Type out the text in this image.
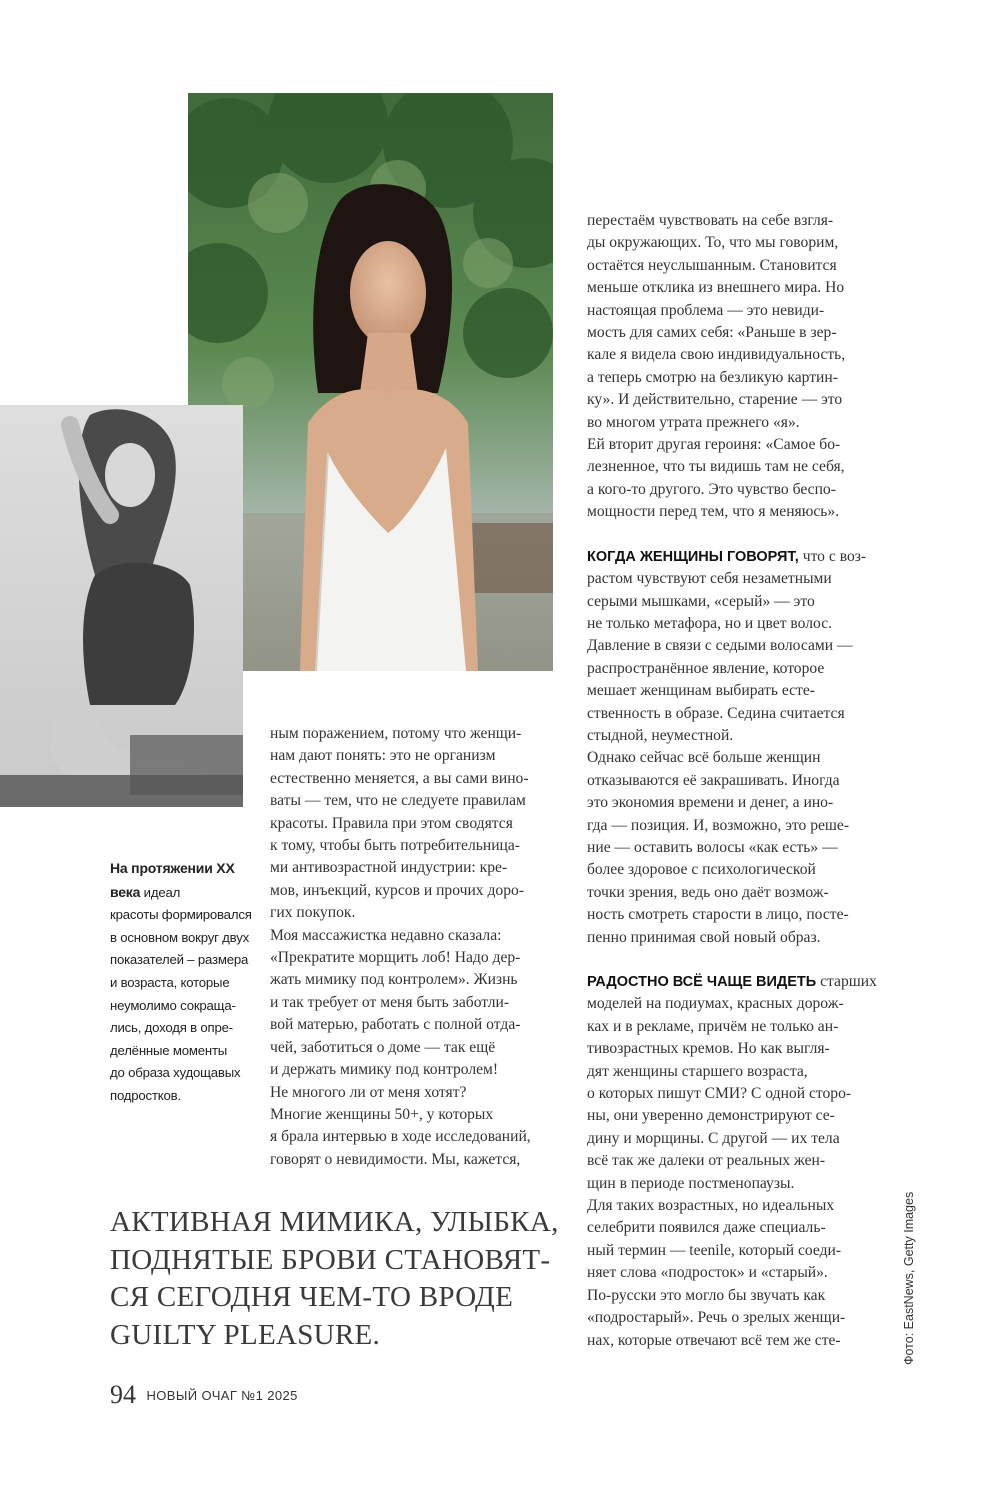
На протяжении ХХ века идеал
красоты формировался
в основном вокруг двух
показателей – размера
и возраста, которые
неумолимо сокраща-
лись, доходя в опре-
делённые моменты
до образа худощавых
подростков.
ным поражением, потому что женщи-
нам дают понять: это не организм
естественно меняется, а вы сами вино-
ваты — тем, что не следуете правилам
красоты. Правила при этом сводятся
к тому, чтобы быть потребительница-
ми антивозрастной индустрии: кре-
мов, инъекций, курсов и прочих доро-
гих покупок.
Моя массажистка недавно сказала:
«Прекратите морщить лоб! Надо дер-
жать мимику под контролем». Жизнь
и так требует от меня быть заботли-
вой матерью, работать с полной отда-
чей, заботиться о доме — так ещё
и держать мимику под контролем!
Не многого ли от меня хотят?
Многие женщины 50+, у которых
я брала интервью в ходе исследований,
говорят о невидимости. Мы, кажется,
перестаём чувствовать на себе взгля-
ды окружающих. То, что мы говорим,
остаётся неуслышанным. Становится
меньше отклика из внешнего мира. Но
настоящая проблема — это невиди-
мость для самих себя: «Раньше в зер-
кале я видела свою индивидуальность,
а теперь смотрю на безликую картин-
ку». И действительно, старение — это
во многом утрата прежнего «я».
Ей вторит другая героиня: «Самое бо-
лезненное, что ты видишь там не себя,
а кого-то другого. Это чувство беспо-
мощности перед тем, что я меняюсь».
КОГДА ЖЕНЩИНЫ ГОВОРЯТ, что с воз-
растом чувствуют себя незаметными
серыми мышками, «серый» — это
не только метафора, но и цвет волос.
Давление в связи с седыми волосами —
распространённое явление, которое
мешает женщинам выбирать есте-
ственность в образе. Седина считается
стыдной, неуместной.
Однако сейчас всё больше женщин
отказываются её закрашивать. Иногда
это экономия времени и денег, а ино-
гда — позиция. И, возможно, это реше-
ние — оставить волосы «как есть» —
более здоровое с психологической
точки зрения, ведь оно даёт возмож-
ность смотреть старости в лицо, посте-
пенно принимая свой новый образ.
РАДОСТНО ВСЁ ЧАЩЕ ВИДЕТЬ старших
моделей на подиумах, красных дорож-
ках и в рекламе, причём не только ан-
тивозрастных кремов. Но как выгля-
дят женщины старшего возраста,
о которых пишут СМИ? С одной сторо-
ны, они уверенно демонстрируют се-
дину и морщины. С другой — их тела
всё так же далеки от реальных жен-
щин в периоде постменопаузы.
Для таких возрастных, но идеальных
селебрити появился даже специаль-
ный термин — teenile, который соеди-
няет слова «подросток» и «старый».
По-русски это могло бы звучать как
«подростарый». Речь о зрелых женщи-
нах, которые отвечают всё тем же сте-
АКТИВНАЯ МИМИКА, УЛЫБКА,
ПОДНЯТЫЕ БРОВИ СТАНОВЯТ-
СЯ СЕГОДНЯ ЧЕМ-ТО ВРОДЕ
GUILTY PLEASURE.
94 НОВЫЙ ОЧАГ №1 2025
Фото: EastNews, Getty Images
